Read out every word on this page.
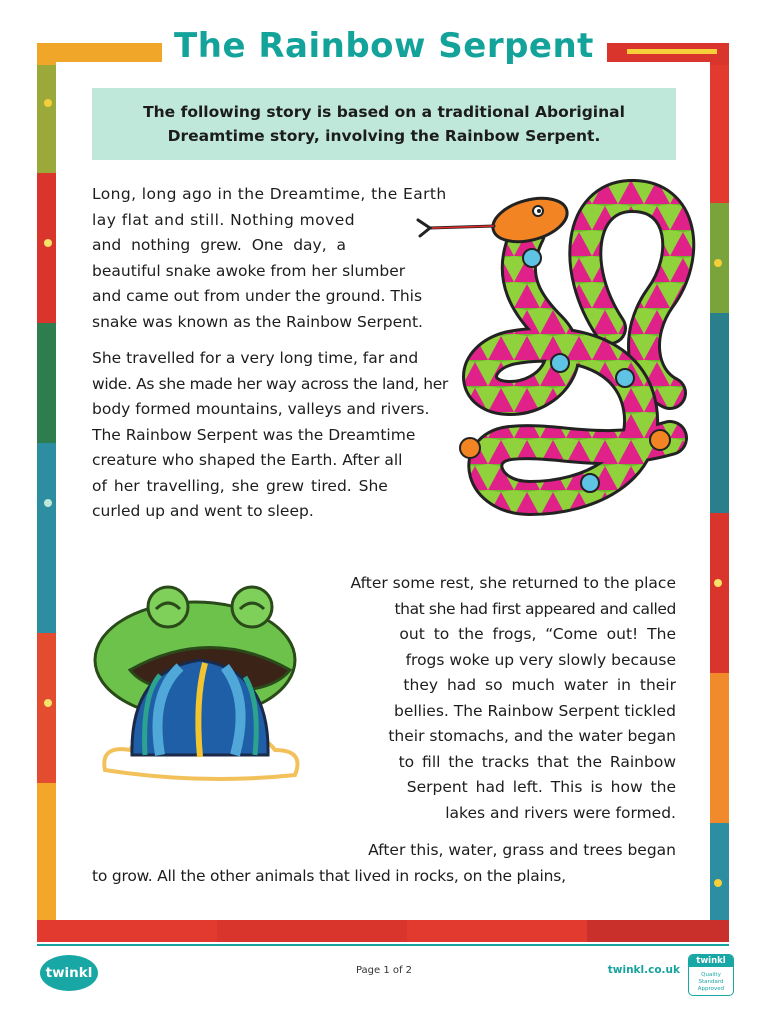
The Rainbow Serpent
The following story is based on a traditional Aboriginal
Dreamtime story, involving the Rainbow Serpent.
Long, long ago in the Dreamtime, the Earth
lay flat and still. Nothing moved
and nothing grew. One day, a
beautiful snake awoke from her slumber
and came out from under the ground. This
snake was known as the Rainbow Serpent.
She travelled for a very long time, far and
wide. As she made her way across the land, her
body formed mountains, valleys and rivers.
The Rainbow Serpent was the Dreamtime
creature who shaped the Earth. After all
of her travelling, she grew tired. She
curled up and went to sleep.
After some rest, she returned to the place
that she had first appeared and called
out to the frogs, “Come out! The
frogs woke up very slowly because
they had so much water in their
bellies. The Rainbow Serpent tickled
their stomachs, and the water began
to fill the tracks that the Rainbow
Serpent had left. This is how the
lakes and rivers were formed.
After this, water, grass and trees began
to grow. All the other animals that lived in rocks, on the plains,
twinkl	Page 1 of 2	twinkl.co.uk
twinkl
Quality Standard
Approved
